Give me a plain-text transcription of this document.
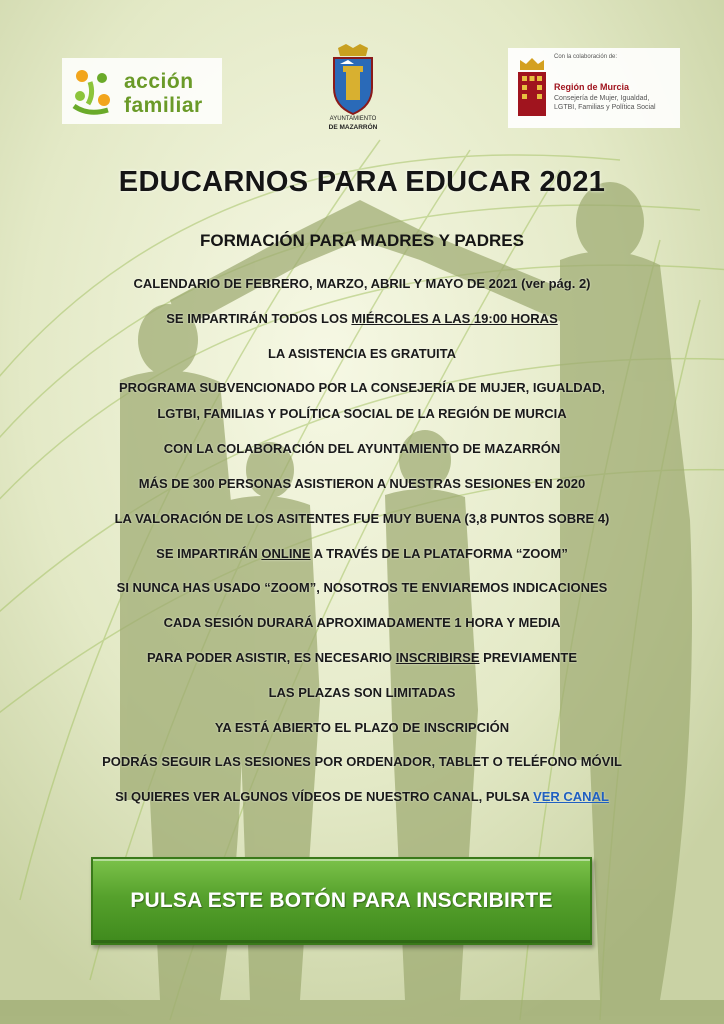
acción
familiar
AYUNTAMIENTO
DE MAZARRÓN
Con la colaboración de:
Región de Murcia
Consejería de Mujer, Igualdad,
LGTBI, Familias y Política Social
EDUCARNOS PARA EDUCAR 2021
FORMACIÓN PARA MADRES Y PADRES
CALENDARIO DE FEBRERO, MARZO, ABRIL Y MAYO DE 2021 (ver pág. 2)
SE IMPARTIRÁN TODOS LOS MIÉRCOLES A LAS 19:00 HORAS
LA ASISTENCIA ES GRATUITA
PROGRAMA SUBVENCIONADO POR LA CONSEJERÍA DE MUJER, IGUALDAD,
LGTBI, FAMILIAS Y POLÍTICA SOCIAL DE LA REGIÓN DE MURCIA
CON LA COLABORACIÓN DEL AYUNTAMIENTO DE MAZARRÓN
MÁS DE 300 PERSONAS ASISTIERON A NUESTRAS SESIONES EN 2020
LA VALORACIÓN DE LOS ASITENTES FUE MUY BUENA (3,8 PUNTOS SOBRE 4)
SE IMPARTIRÁN ONLINE A TRAVÉS DE LA PLATAFORMA “ZOOM”
SI NUNCA HAS USADO “ZOOM”, NOSOTROS TE ENVIAREMOS INDICACIONES
CADA SESIÓN DURARÁ APROXIMADAMENTE 1 HORA Y MEDIA
PARA PODER ASISTIR, ES NECESARIO INSCRIBIRSE PREVIAMENTE
LAS PLAZAS SON LIMITADAS
YA ESTÁ ABIERTO EL PLAZO DE INSCRIPCIÓN
PODRÁS SEGUIR LAS SESIONES POR ORDENADOR, TABLET O TELÉFONO MÓVIL
SI QUIERES VER ALGUNOS VÍDEOS DE NUESTRO CANAL, PULSA VER CANAL
PULSA ESTE BOTÓN PARA INSCRIBIRTE
